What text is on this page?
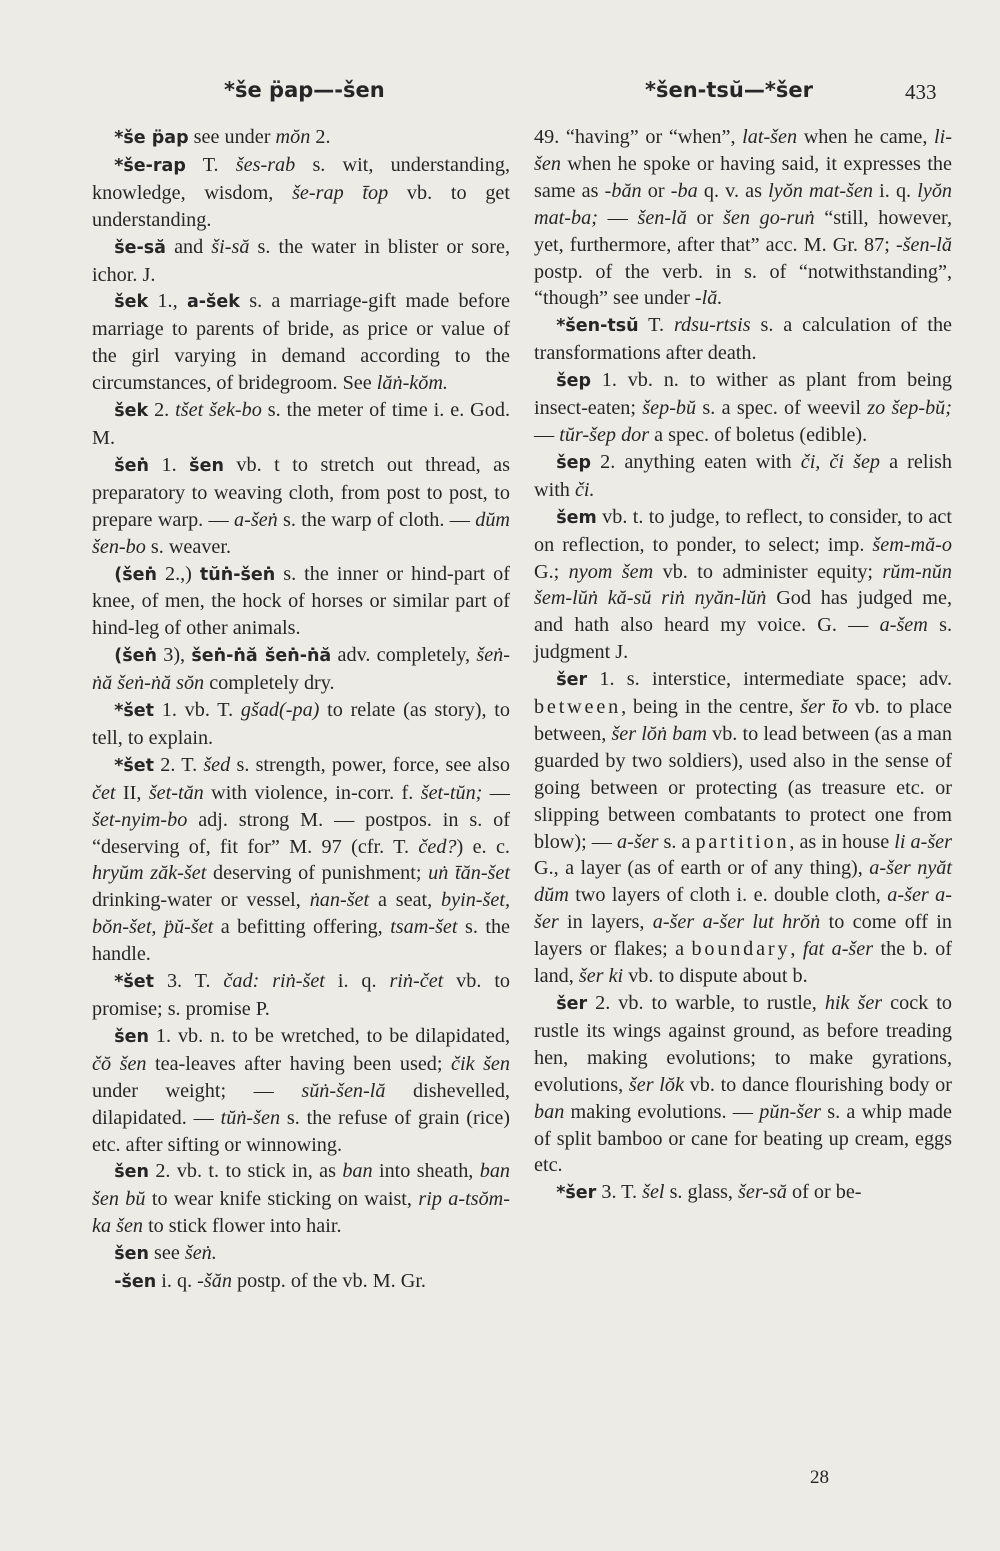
*še p̈ap—-šen	*šen-tsŭ—*šer	433

*še p̈ap see under mŏn 2.

*še-rap T. šes-rab s. wit, understanding, knowledge, wisdom, še-rap t̄op vb. to get understanding.

še-să and ši-să s. the water in blister or sore, ichor. J.

šek 1., a-šek s. a marriage-gift made before marriage to parents of bride, as price or value of the girl varying in demand according to the circumstances, of bridegroom. See lăṅ-kŏm.

šek 2. tšet šek-bo s. the meter of time i. e. God. M.

šeṅ 1. šen vb. t to stretch out thread, as preparatory to weaving cloth, from post to post, to prepare warp. — a-šeṅ s. the warp of cloth. — dŭm šen-bo s. weaver.

(šeṅ 2.,) tŭṅ-šeṅ s. the inner or hind-part of knee, of men, the hock of horses or similar part of hind-leg of other animals.

(šeṅ 3), šeṅ-ṅă šeṅ-ṅă adv. completely, šeṅ-ṅă šeṅ-ṅă sŏn completely dry.

*šet 1. vb. T. gšad(-pa) to relate (as story), to tell, to explain.

*šet 2. T. šed s. strength, power, force, see also čet II, šet-tăn with violence, in-corr. f. šet-tŭn; — šet-nyim-bo adj. strong M. — postpos. in s. of “deserving of, fit for” M. 97 (cfr. T. čed?) e. c. hryŭm zăk-šet deserving of punishment; uṅ t̄ăn-šet drinking-water or vessel, ṅan-šet a seat, byin-šet, bŏn-šet, p̈ŭ-šet a befitting offering, tsam-šet s. the handle.

*šet 3. T. čad: riṅ-šet i. q. riṅ-čet vb. to promise; s. promise P.

šen 1. vb. n. to be wretched, to be dilapidated, čŏ šen tea-leaves after having been used; čik šen under weight; — sŭṅ-šen-lă dishevelled, dilapidated. — tŭṅ-šen s. the refuse of grain (rice) etc. after sifting or winnowing.

šen 2. vb. t. to stick in, as ban into sheath, ban šen bŭ to wear knife sticking on waist, rip a-tsŏm-ka šen to stick flower into hair.

šen see šeṅ.

-šen i. q. -šăn postp. of the vb. M. Gr.

49. “having” or “when”, lat-šen when he came, li-šen when he spoke or having said, it expresses the same as -băn or -ba q. v. as lyŏn mat-šen i. q. lyŏn mat-ba; — šen-lă or šen go-ruṅ “still, however, yet, furthermore, after that” acc. M. Gr. 87; -šen-lă postp. of the verb. in s. of “notwithstanding”, “though” see under -lă.

*šen-tsŭ T. rdsu-rtsis s. a calculation of the transformations after death.

šep 1. vb. n. to wither as plant from being insect-eaten; šep-bŭ s. a spec. of weevil zo šep-bŭ; — tŭr-šep dor a spec. of boletus (edible).

šep 2. anything eaten with či, či šep a relish with či.

šem vb. t. to judge, to reflect, to consider, to act on reflection, to ponder, to select; imp. šem-mă-o G.; nyom šem vb. to administer equity; rŭm-nŭn šem-lŭṅ kă-sŭ riṅ nyăn-lŭṅ God has judged me, and hath also heard my voice. G. — a-šem s. judgment J.

šer 1. s. interstice, intermediate space; adv. between, being in the centre, šer t̄o vb. to place between, šer lŏṅ bam vb. to lead between (as a man guarded by two soldiers), used also in the sense of going between or protecting (as treasure etc. or slipping between combatants to protect one from blow); — a-šer s. a partition, as in house li a-šer G., a layer (as of earth or of any thing), a-šer nyăt dŭm two layers of cloth i. e. double cloth, a-šer a-šer in layers, a-šer a-šer lut hrŏṅ to come off in layers or flakes; a boundary, fat a-šer the b. of land, šer ki vb. to dispute about b.

šer 2. vb. to warble, to rustle, hik šer cock to rustle its wings against ground, as before treading hen, making evolutions; to make gyrations, evolutions, šer lŏk vb. to dance flourishing body or ban making evolutions. — pŭn-šer s. a whip made of split bamboo or cane for beating up cream, eggs etc.

*šer 3. T. šel s. glass, šer-să of or be-

28
